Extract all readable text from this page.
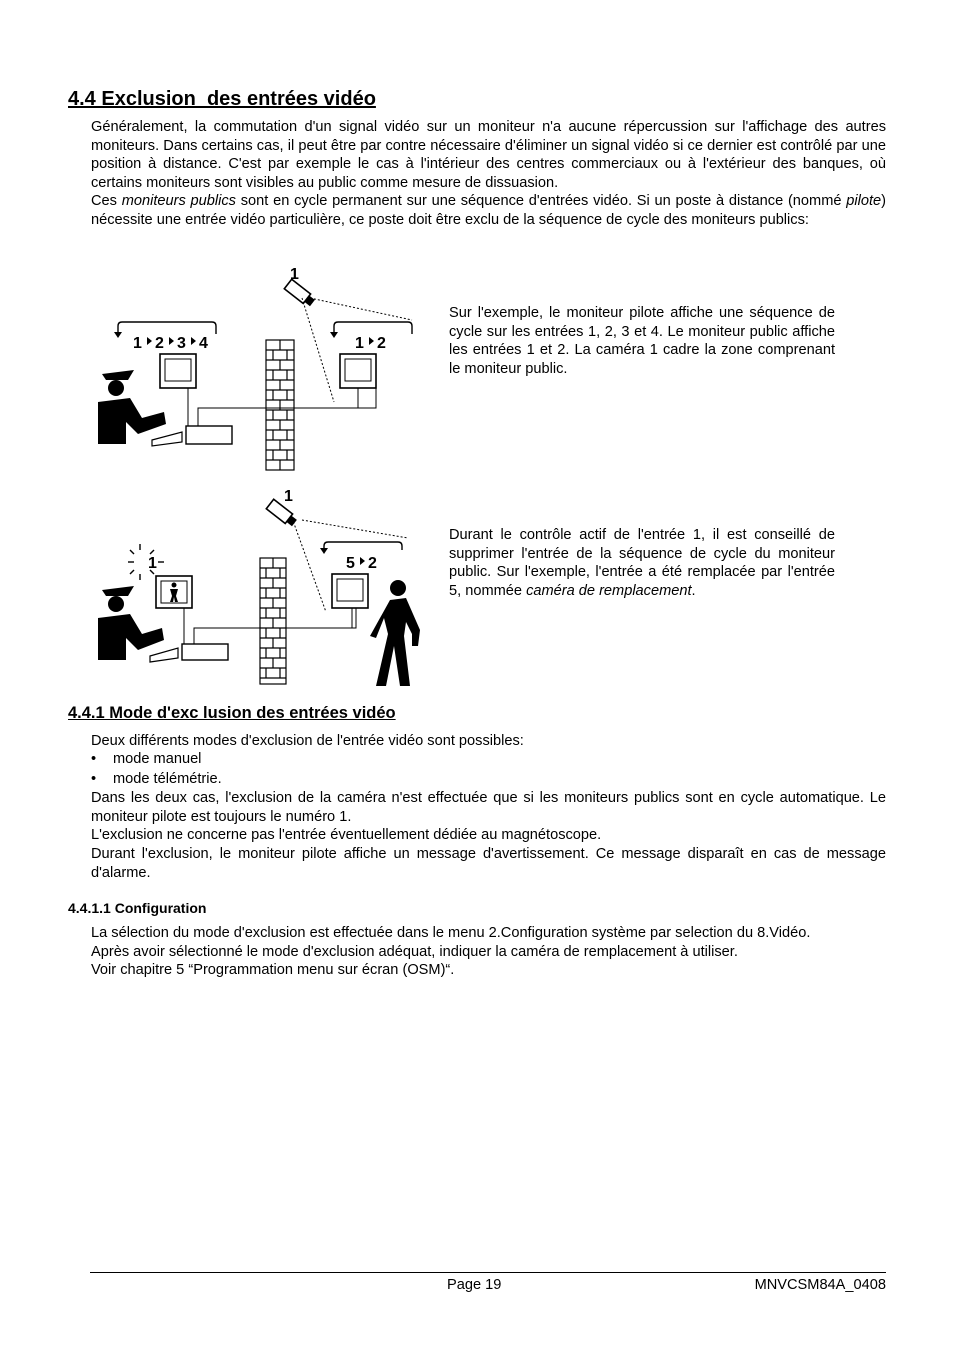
4.4 Exclusion  des entrées vidéo

Généralement, la commutation d'un signal vidéo sur un moniteur n'a aucune répercussion sur l'affichage des autres moniteurs. Dans certains cas, il peut être par contre nécessaire d'éliminer un signal vidéo si ce dernier est contrôlé par une position à distance. C'est par exemple le cas à l'intérieur des centres commerciaux ou à l'extérieur des banques, où certains moniteurs sont visibles au public comme mesure de dissuasion.

Ces moniteurs publics sont en cycle permanent sur une séquence d'entrées vidéo. Si un poste à distance (nommé pilote) nécessite une entrée vidéo particulière, ce poste doit être exclu de la séquence de cycle des moniteurs publics:

1
1 2 3 4	1 2

Sur l'exemple, le moniteur pilote affiche une séquence de cycle sur les entrées 1, 2, 3 et 4. Le moniteur public affiche les entrées 1 et 2. La caméra 1 cadre la zone comprenant le moniteur public.

1
5 2
1

Durant le contrôle actif de l'entrée 1, il est conseillé de supprimer l'entrée de la séquence de cycle du moniteur public. Sur l'exemple, l'entrée a été remplacée par l'entrée 5, nommée caméra de remplacement.

4.4.1 Mode d'exc lusion des entrées vidéo

Deux différents modes d'exclusion de l'entrée vidéo sont possibles:

• mode manuel
• mode télémétrie.

Dans les deux cas, l'exclusion de la caméra n'est effectuée que si les moniteurs publics sont en cycle automatique. Le moniteur pilote est toujours le numéro 1.

L'exclusion ne concerne pas l'entrée éventuellement dédiée au magnétoscope.

Durant l'exclusion, le moniteur pilote affiche un message d'avertissement. Ce message disparaît en cas de message d'alarme.

4.4.1.1 Configuration

La sélection du mode d'exclusion est effectuée dans le menu 2.Configuration système par selection du 8.Vidéo.

Après avoir sélectionné le mode d'exclusion adéquat, indiquer la caméra de remplacement à utiliser.

Voir chapitre 5 “Programmation menu sur écran (OSM)“.

Page 19	MNVCSM84A_0408
